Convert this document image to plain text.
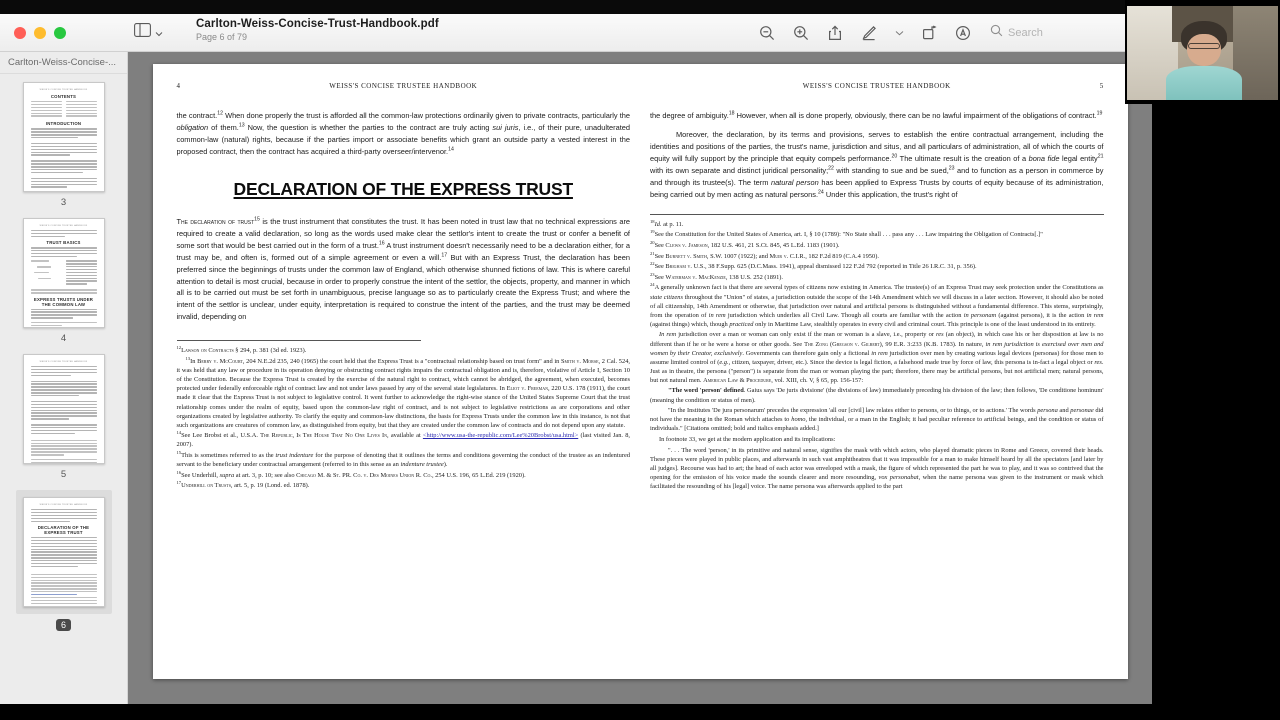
Carlton-Weiss-Concise-Trust-Handbook.pdf
Page 6 of 79	Search
Carlton-Weiss-Concise-...
WEISS'S CONCISE TRUSTEE HANDBOOK
CONTENTS
INTRODUCTION
3
WEISS'S CONCISE TRUSTEE HANDBOOK
TRUST BASICS
EXPRESS TRUSTS UNDER THE COMMON LAW
4
WEISS'S CONCISE TRUSTEE HANDBOOK
5
WEISS'S CONCISE TRUSTEE HANDBOOK
DECLARATION OF THE EXPRESS TRUST
6
4	WEISS'S CONCISE TRUSTEE HANDBOOK

the contract.$^{12}$ When done properly the trust is afforded all the common-law protections ordinarily given to private contracts, particularly the obligation of them.$^{13}$ Now, the question is whether the parties to the contract are truly acting sui juris, i.e., of their pure, unadulterated common-law (natural) rights, because if the parties import or associate benefits which grant an outside party a vested interest in the proposed contract, then the contract has acquired a third-party overseer/intervenor.$^{14}$

DECLARATION OF THE EXPRESS TRUST

The declaration of trust$^{15}$ is the trust instrument that constitutes the trust. It has been noted in trust law that no technical expressions are required to create a valid declaration, so long as the words used make clear the settlor's intent to create the trust or confer a benefit of some sort that would be best carried out in the form of a trust.$^{16}$ A trust instrument doesn't necessarily need to be a declaration either, for a trust may be, and often is, formed out of a simple agreement or even a will.$^{17}$ But with an Express Trust, the declaration has been preferred since the beginnings of trusts under the common law of England, which otherwise shunned fictions of law. This is where careful attention to detail is most crucial, because in order to properly construe the intent of the settlor, the objects, property, and manner in which all is to be carried out must be set forth in unambiguous, precise language so as to particularly create the Express Trust; and where the intent of the settlor is unclear, under equity, interpretation is required to construe the intent of the parties, and the trust may be deemed invalid, depending on

$^{12}$Lawson on Contracts § 294, p. 381 (3d ed. 1923).

$^{13}$In Berry v. McCourt, 204 N.E.2d 235, 240 (1965) the court held that the Express Trust is a "contractual relationship based on trust form" and in Smith v. Morse, 2 Cal. 524, it was held that any law or procedure in its operation denying or obstructing contract rights impairs the contractual obligation and is, therefore, violative of Article I, Section 10 of the Constitution. Because the Express Trust is created by the exercise of the natural right to contract, which cannot be abridged, the agreement, when executed, becomes protected under federally enforceable right of contract law and not under laws passed by any of the several state legislatures. In Eliot v. Freeman, 220 U.S. 178 (1911), the court made it clear that the Express Trust is not subject to legislative control. It went further to acknowledge the right-wise stance of the United States Supreme Court that the trust relationship comes under the realm of equity, based upon the common-law right of contract, and is not subject to legislative restrictions as are corporations and other organizations created by legislative authority. To clarify the equity and common-law distinctions, the basis for Express Trusts under the common law in this instance, is not that such organizations are creatures of common law, as distinguished from equity, but that they are created under the common law of contracts and do not depend upon any statute.

$^{14}$See Lee Brobst et al., U.S.A. The Republic, Is The House That No One Lives In, available at <http://www.usa-the-republic.com/Lee%20Brobst/usa.html> (last visited Jan. 8, 2007).

$^{15}$This is sometimes referred to as the trust indenture for the purpose of denoting that it outlines the terms and conditions governing the conduct of the trustee as an indentured servant to the beneficiary under contractual arrangement (referred to in this sense as an indenture trustee).

$^{16}$See Underhill, supra at art. 3, p. 10; see also Chicago M. & St. PR. Co. v. Des Moines Union R. Co., 254 U.S. 196, 65 L.Ed. 219 (1920).

$^{17}$Underhill on Trusts, art. 5, p. 19 (Lond. ed. 1878).

WEISS'S CONCISE TRUSTEE HANDBOOK	5

the degree of ambiguity.$^{18}$ However, when all is done properly, obviously, there can be no lawful impairment of the obligations of contract.$^{19}$

Moreover, the declaration, by its terms and provisions, serves to establish the entire contractual arrangement, including the identities and positions of the parties, the trust's name, jurisdiction and situs, and all particulars of administration, all of which the courts of equity will fully support by the principle that equity compels performance.$^{20}$ The ultimate result is the creation of a bona fide legal entity$^{21}$ with its own separate and distinct juridical personality;$^{22}$ with standing to sue and be sued,$^{23}$ and to function as a person in commerce by and through its trustee(s). The term natural person has been applied to Express Trusts by courts of equity because of its administration, being carried out by men acting as natural persons.$^{24}$ Under this application, the trust's right of

$^{18}$Id. at p. 11.

$^{19}$See the Constitution for the United States of America, art. I, § 10 (1789): "No State shall . . . pass any . . . Law impairing the Obligation of Contracts[.]"

$^{20}$See Clews v. Jameson, 182 U.S. 461, 21 S.Ct. 845, 45 L.Ed. 1183 (1901).

$^{21}$See Burnett v. Smith, S.W. 1007 (1922); and Muir v. C.I.R., 182 F.2d 819 (C.A.4 1950).

$^{22}$See Brigham v. U.S., 38 F.Supp. 625 (D.C.Mass. 1941), appeal dismissed 122 F.2d 792 (reported in Title 26 I.R.C. 31, p. 356).

$^{23}$See Waterman v. MacKenzie, 138 U.S. 252 (1891).

$^{24}$A generally unknown fact is that there are several types of citizens now existing in America. The trustee(s) of an Express Trust may seek protection under the Constitutions as state citizens throughout the "Union" of states, a jurisdiction outside the scope of the 14th Amendment which we will discuss in a later section. However, it should also be noted of all citizenship, 14th Amendment or otherwise, that jurisdiction over natural and artificial persons is distinguished without a fundamental difference. This stems, surprisingly, from the operation of in rem jurisdiction which underlies all Civil Law. Though all courts are familiar with the action in personam (against persons), it is the action in rem (against things) which, though practiced only in Maritime Law, stealthily operates in every civil and criminal court. This principle is one of the least understood in its entirety.

In rem jurisdiction over a man or woman can only exist if the man or woman is a slave, i.e., property or res (an object), in which case his or her disposition at law is no different than if he or he were a horse or other goods. See The Zong (Gregson v. Gilbert), 99 E.R. 3:233 (K.B. 1783). In nature, in rem jurisdiction is exercised over men and women by their Creator, exclusively. Governments can therefore gain only a fictional in rem jurisdiction over men by creating various legal devices (personas) for those men to assume limited control of (e.g., citizen, taxpayer, driver, etc.). Since the device is legal fiction, a falsehood made true by force of law, this persona is in-fact a legal object or res. Just as in theatre, the persona ("person") is separate from the man or woman playing the part; therefore, there may be artificial persons, but not artificial men; natural persons, but not natural men. American Law & Procedure, vol. XIII, ch. V, § 65, pp. 156-157:

"The word 'person' defined. Gaius says 'De juris divisione' (the divisions of law) immediately preceding his division of the law; then follows, 'De conditione hominum' (meaning the condition or status of men).

"In the Institutes 'De jura personarum' precedes the expression 'all our [civil] law relates either to persons, or to things, or to actions.' The words persona and personae did not have the meaning in the Roman which attaches to homo, the individual, or a man in the English; it had peculiar reference to artificial beings, and the condition or status of individuals." [Citations omitted; bold and italics emphasis added.]

In footnote 33, we get at the modern application and its implications:

". . . The word 'person,' in its primitive and natural sense, signifies the mask with which actors, who played dramatic pieces in Rome and Greece, covered their heads. These pieces were played in public places, and afterwards in such vast amphitheatres that it was impossible for a man to make himself heard by all the spectators [and later by all judges]. Recourse was had to art; the head of each actor was enveloped with a mask, the figure of which represented the part he was to play, and it was so contrived that the opening for the emission of his voice made the sounds clearer and more resounding, vox personabat, when the name persona was given to the instrument or mask which facilitated the resounding of his [legal] voice. The name persona was afterwards applied to the part
